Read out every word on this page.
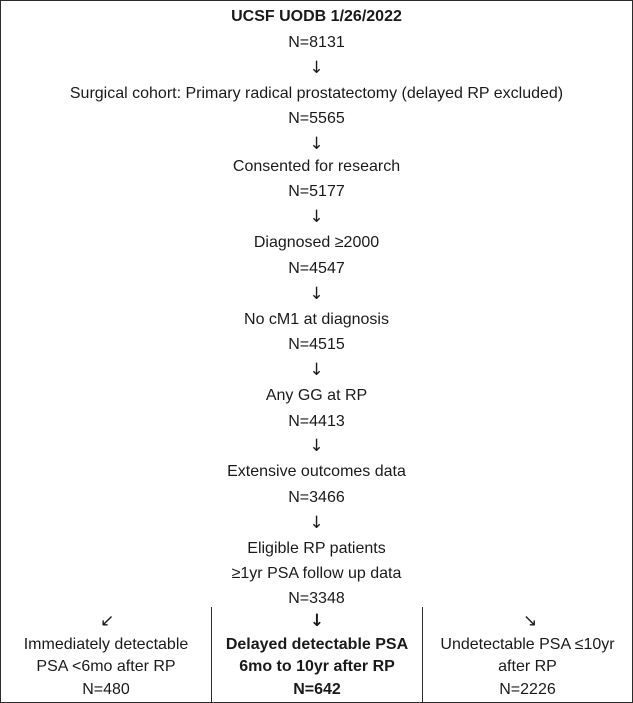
UCSF UODB 1/26/2022
N=8131
↓
Surgical cohort: Primary radical prostatectomy (delayed RP excluded)
N=5565
↓
Consented for research
N=5177
↓
Diagnosed ≥2000
N=4547
↓
No cM1 at diagnosis
N=4515
↓
Any GG at RP
N=4413
↓
Extensive outcomes data
N=3466
↓
Eligible RP patients
≥1yr PSA follow up data
N=3348
↙
Immediately detectable
PSA <6mo after RP
N=480
↓
Delayed detectable PSA
6mo to 10yr after RP
N=642
↘
Undetectable PSA ≤10yr
after RP
N=2226
